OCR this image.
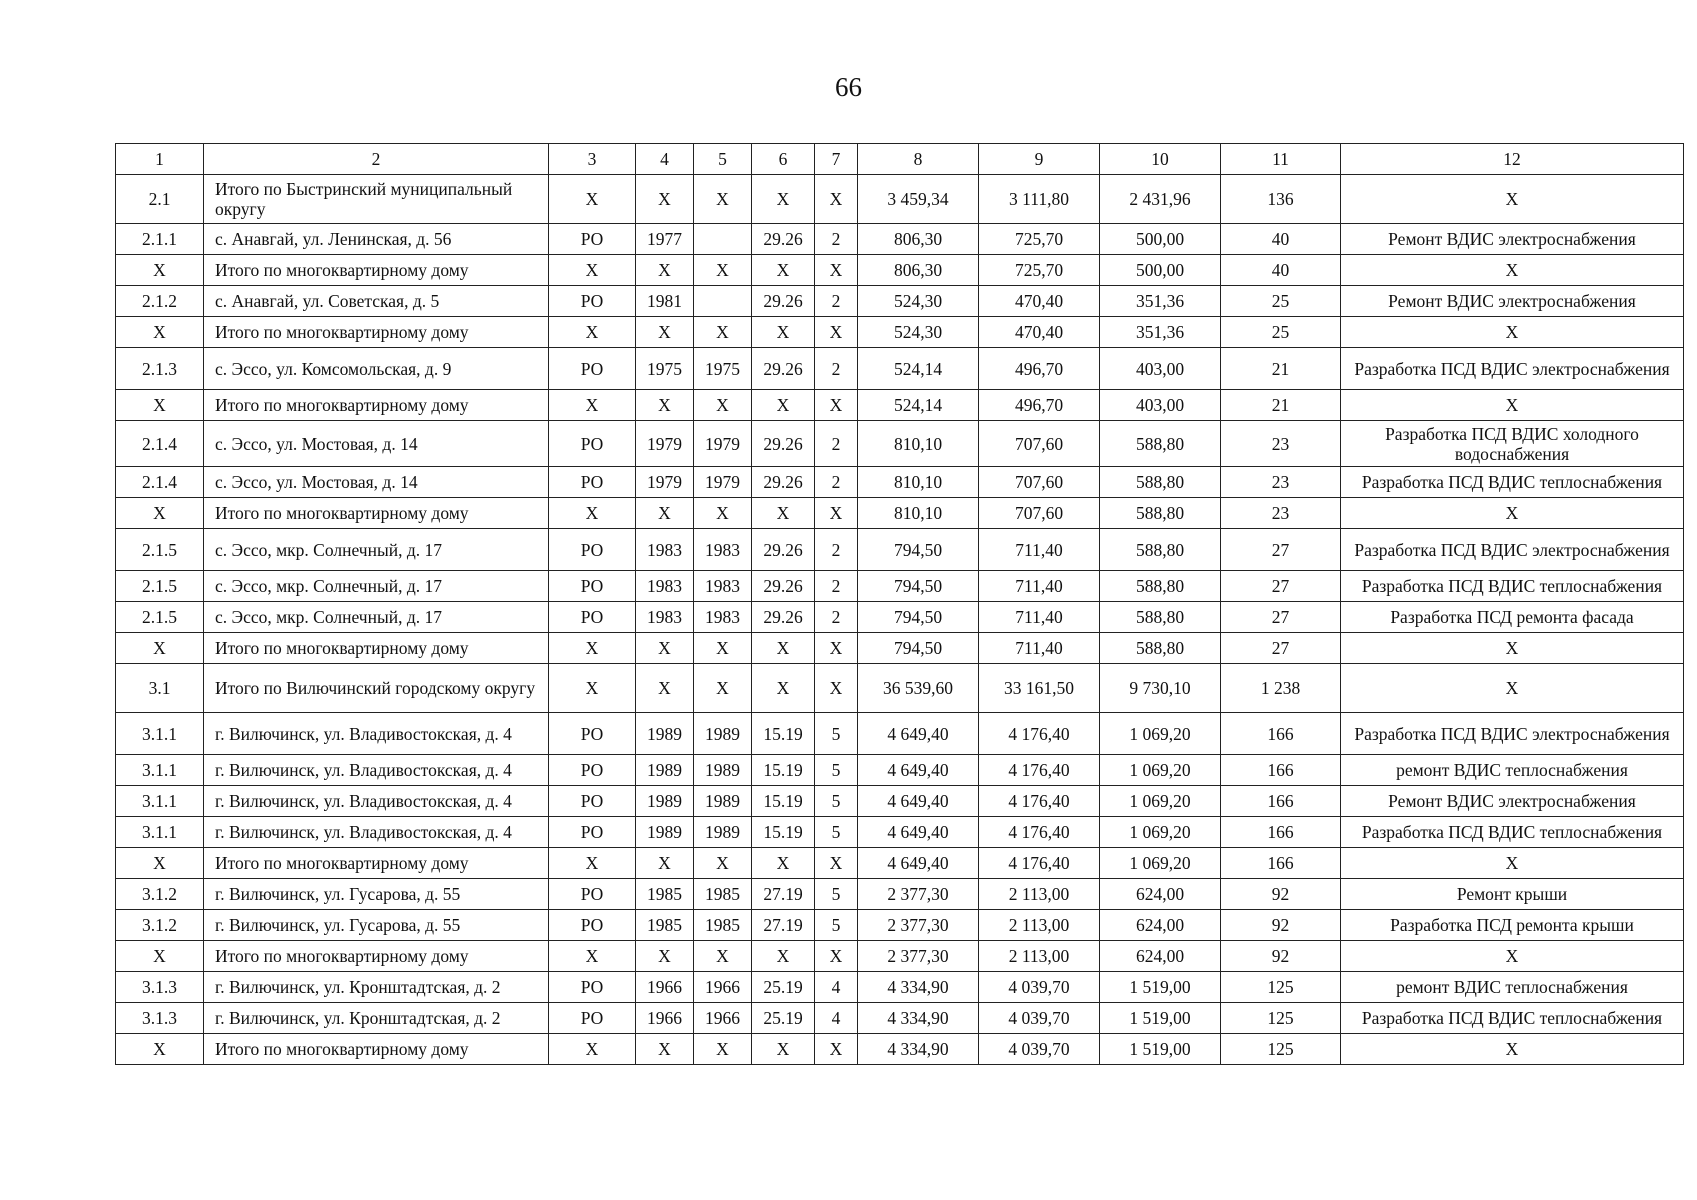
66
1	2	3	4	5	6	7	8	9	10	11	12
2.1	Итого по Быстринский муниципальный округу	X	X	X	X	X	3 459,34	3 111,80	2 431,96	136	X
2.1.1	с. Анавгай, ул. Ленинская, д. 56	РО	1977		29.26	2	806,30	725,70	500,00	40	Ремонт ВДИС электроснабжения
X	Итого по многоквартирному дому	X	X	X	X	X	806,30	725,70	500,00	40	X
2.1.2	с. Анавгай, ул. Советская, д. 5	РО	1981		29.26	2	524,30	470,40	351,36	25	Ремонт ВДИС электроснабжения
X	Итого по многоквартирному дому	X	X	X	X	X	524,30	470,40	351,36	25	X
2.1.3	с. Эссо, ул. Комсомольская, д. 9	РО	1975	1975	29.26	2	524,14	496,70	403,00	21	Разработка ПСД ВДИС электроснабжения
X	Итого по многоквартирному дому	X	X	X	X	X	524,14	496,70	403,00	21	X
2.1.4	с. Эссо, ул. Мостовая, д. 14	РО	1979	1979	29.26	2	810,10	707,60	588,80	23	Разработка ПСД ВДИС холодного водоснабжения
2.1.4	с. Эссо, ул. Мостовая, д. 14	РО	1979	1979	29.26	2	810,10	707,60	588,80	23	Разработка ПСД ВДИС теплоснабжения
X	Итого по многоквартирному дому	X	X	X	X	X	810,10	707,60	588,80	23	X
2.1.5	с. Эссо, мкр. Солнечный, д. 17	РО	1983	1983	29.26	2	794,50	711,40	588,80	27	Разработка ПСД ВДИС электроснабжения
2.1.5	с. Эссо, мкр. Солнечный, д. 17	РО	1983	1983	29.26	2	794,50	711,40	588,80	27	Разработка ПСД ВДИС теплоснабжения
2.1.5	с. Эссо, мкр. Солнечный, д. 17	РО	1983	1983	29.26	2	794,50	711,40	588,80	27	Разработка ПСД ремонта фасада
X	Итого по многоквартирному дому	X	X	X	X	X	794,50	711,40	588,80	27	X
3.1	Итого по Вилючинский городскому округу	X	X	X	X	X	36 539,60	33 161,50	9 730,10	1 238	X
3.1.1	г. Вилючинск, ул. Владивостокская, д. 4	РО	1989	1989	15.19	5	4 649,40	4 176,40	1 069,20	166	Разработка ПСД ВДИС электроснабжения
3.1.1	г. Вилючинск, ул. Владивостокская, д. 4	РО	1989	1989	15.19	5	4 649,40	4 176,40	1 069,20	166	ремонт ВДИС теплоснабжения
3.1.1	г. Вилючинск, ул. Владивостокская, д. 4	РО	1989	1989	15.19	5	4 649,40	4 176,40	1 069,20	166	Ремонт ВДИС электроснабжения
3.1.1	г. Вилючинск, ул. Владивостокская, д. 4	РО	1989	1989	15.19	5	4 649,40	4 176,40	1 069,20	166	Разработка ПСД ВДИС теплоснабжения
X	Итого по многоквартирному дому	X	X	X	X	X	4 649,40	4 176,40	1 069,20	166	X
3.1.2	г. Вилючинск, ул. Гусарова, д. 55	РО	1985	1985	27.19	5	2 377,30	2 113,00	624,00	92	Ремонт крыши
3.1.2	г. Вилючинск, ул. Гусарова, д. 55	РО	1985	1985	27.19	5	2 377,30	2 113,00	624,00	92	Разработка ПСД ремонта крыши
X	Итого по многоквартирному дому	X	X	X	X	X	2 377,30	2 113,00	624,00	92	X
3.1.3	г. Вилючинск, ул. Кронштадтская, д. 2	РО	1966	1966	25.19	4	4 334,90	4 039,70	1 519,00	125	ремонт ВДИС теплоснабжения
3.1.3	г. Вилючинск, ул. Кронштадтская, д. 2	РО	1966	1966	25.19	4	4 334,90	4 039,70	1 519,00	125	Разработка ПСД ВДИС теплоснабжения
X	Итого по многоквартирному дому	X	X	X	X	X	4 334,90	4 039,70	1 519,00	125	X
